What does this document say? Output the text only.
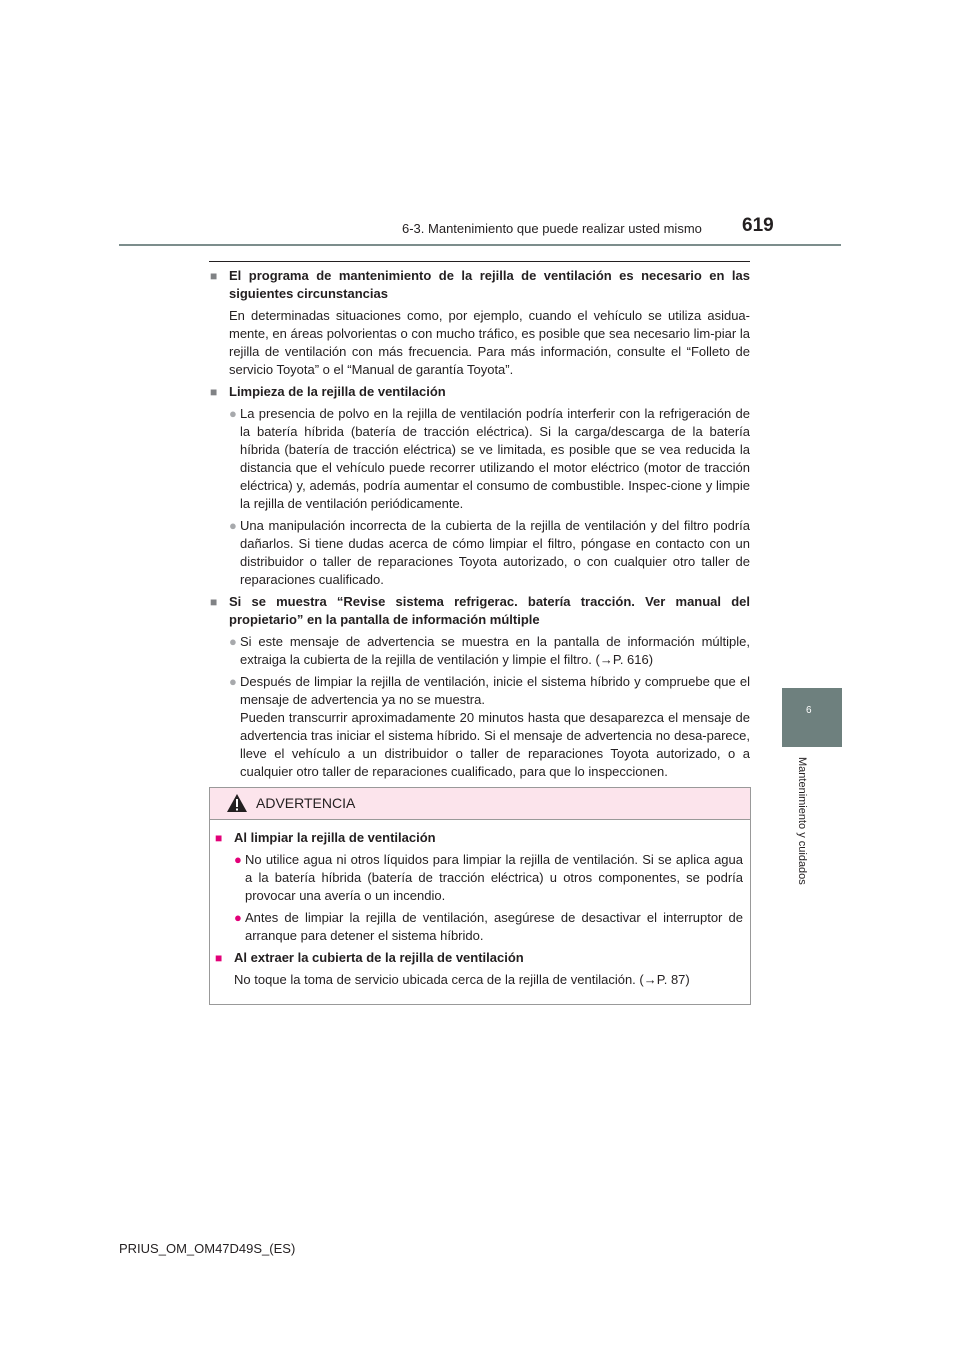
6-3. Mantenimiento que puede realizar usted mismo 619
6
Mantenimiento y cuidados
■ El programa de mantenimiento de la rejilla de ventilación es necesario en las siguientes circunstancias
En determinadas situaciones como, por ejemplo, cuando el vehículo se utiliza asidua-mente, en áreas polvorientas o con mucho tráfico, es posible que sea necesario lim-piar la rejilla de ventilación con más frecuencia. Para más información, consulte el “Folleto de servicio Toyota” o el “Manual de garantía Toyota”.
■ Limpieza de la rejilla de ventilación
● La presencia de polvo en la rejilla de ventilación podría interferir con la refrigeración de la batería híbrida (batería de tracción eléctrica). Si la carga/descarga de la batería híbrida (batería de tracción eléctrica) se ve limitada, es posible que se vea reducida la distancia que el vehículo puede recorrer utilizando el motor eléctrico (motor de tracción eléctrica) y, además, podría aumentar el consumo de combustible. Inspec-cione y limpie la rejilla de ventilación periódicamente.
● Una manipulación incorrecta de la cubierta de la rejilla de ventilación y del filtro podría dañarlos. Si tiene dudas acerca de cómo limpiar el filtro, póngase en contacto con un distribuidor o taller de reparaciones Toyota autorizado, o con cualquier otro taller de reparaciones cualificado.
■ Si se muestra “Revise sistema refrigerac. batería tracción. Ver manual del propietario” en la pantalla de información múltiple
● Si este mensaje de advertencia se muestra en la pantalla de información múltiple, extraiga la cubierta de la rejilla de ventilación y limpie el filtro. (→P. 616)
● Después de limpiar la rejilla de ventilación, inicie el sistema híbrido y compruebe que el mensaje de advertencia ya no se muestra.
Pueden transcurrir aproximadamente 20 minutos hasta que desaparezca el mensaje de advertencia tras iniciar el sistema híbrido. Si el mensaje de advertencia no desa-parece, lleve el vehículo a un distribuidor o taller de reparaciones Toyota autorizado, o a cualquier otro taller de reparaciones cualificado, para que lo inspeccionen.
ADVERTENCIA
■ Al limpiar la rejilla de ventilación
● No utilice agua ni otros líquidos para limpiar la rejilla de ventilación. Si se aplica agua a la batería híbrida (batería de tracción eléctrica) u otros componentes, se podría provocar una avería o un incendio.
● Antes de limpiar la rejilla de ventilación, asegúrese de desactivar el interruptor de arranque para detener el sistema híbrido.
■ Al extraer la cubierta de la rejilla de ventilación
No toque la toma de servicio ubicada cerca de la rejilla de ventilación. (→P. 87)
PRIUS_OM_OM47D49S_(ES)
